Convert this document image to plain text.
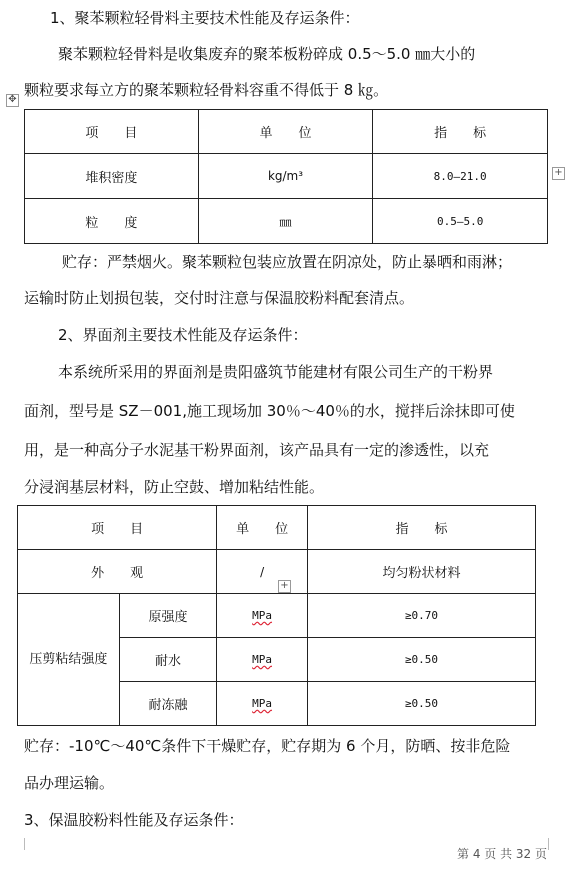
1、聚苯颗粒轻骨料主要技术性能及存运条件：
聚苯颗粒轻骨料是收集废弃的聚苯板粉碎成 0.5～5.0 ㎜大小的
颗粒要求每立方的聚苯颗粒轻骨料容重不得低于 8 ㎏。
✥
项　　目	单　　位	指　　标
堆积密度	kg/m³	8.0—21.0
粒　　度	㎜	0.5—5.0
+
+
贮存：严禁烟火。聚苯颗粒包装应放置在阴凉处，防止暴晒和雨淋；
运输时防止划损包装，交付时注意与保温胶粉料配套清点。
2、界面剂主要技术性能及存运条件：
本系统所采用的界面剂是贵阳盛筑节能建材有限公司生产的干粉界
面剂，型号是 SZ－001,施工现场加 30％～40％的水，搅拌后涂抹即可使
用，是一种高分子水泥基干粉界面剂，该产品具有一定的渗透性，以充
分浸润基层材料，防止空鼓、增加粘结性能。
项　　目		单　　位	指　　标
外　　观		/	均匀粉状材料
压剪粘结强度	原强度	MPa	≥0.70
	耐水	MPa	≥0.50
	耐冻融	MPa	≥0.50
贮存：-10℃～40℃条件下干燥贮存，贮存期为 6 个月，防晒、按非危险
品办理运输。
3、保温胶粉料性能及存运条件：
第 4 页 共 32 页
